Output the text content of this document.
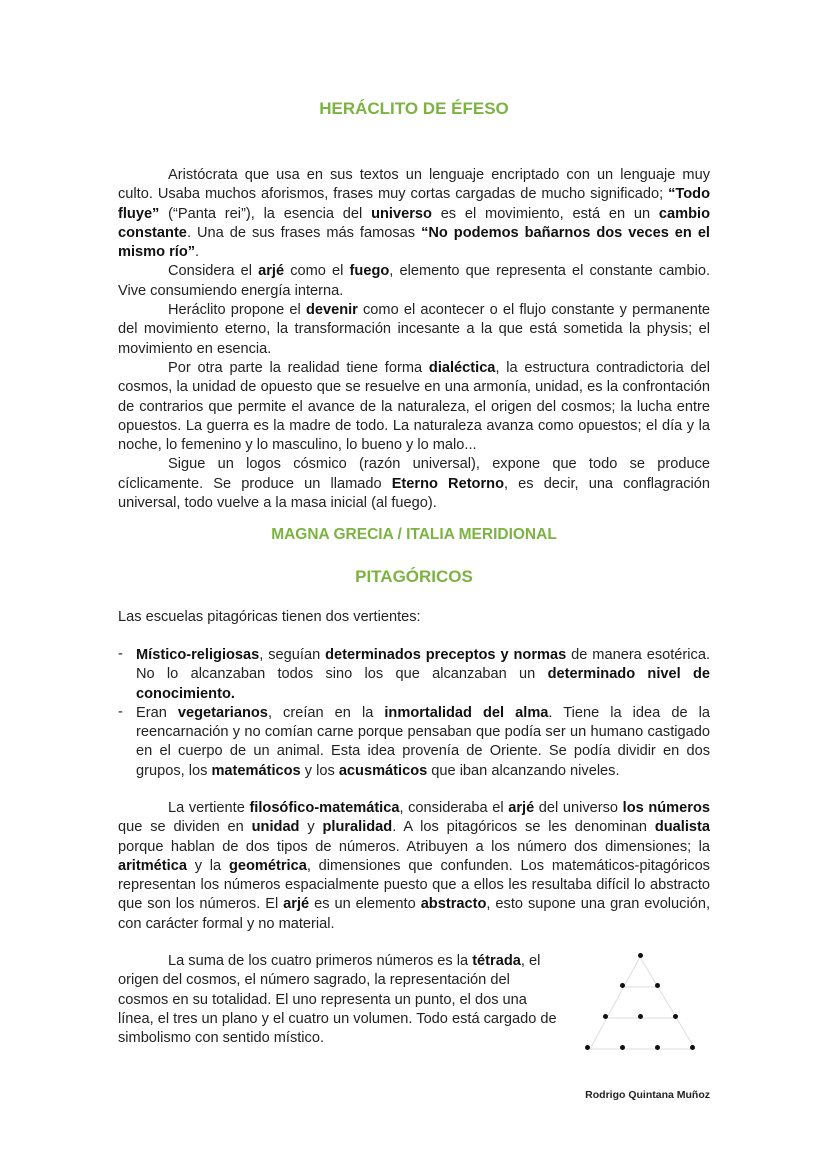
HERÁCLITO DE ÉFESO

Aristócrata que usa en sus textos un lenguaje encriptado con un lenguaje muy culto. Usaba muchos aforismos, frases muy cortas cargadas de mucho significado; “Todo fluye” (“Panta rei”), la esencia del universo es el movimiento, está en un cambio constante. Una de sus frases más famosas “No podemos bañarnos dos veces en el mismo río”.

Considera el arjé como el fuego, elemento que representa el constante cambio. Vive consumiendo energía interna.

Heráclito propone el devenir como el acontecer o el flujo constante y permanente del movimiento eterno, la transformación incesante a la que está sometida la physis; el movimiento en esencia.

Por otra parte la realidad tiene forma dialéctica, la estructura contradictoria del cosmos, la unidad de opuesto que se resuelve en una armonía, unidad, es la confrontación de contrarios que permite el avance de la naturaleza, el origen del cosmos; la lucha entre opuestos. La guerra es la madre de todo. La naturaleza avanza como opuestos; el día y la noche, lo femenino y lo masculino, lo bueno y lo malo...

Sigue un logos cósmico (razón universal), expone que todo se produce cíclicamente. Se produce un llamado Eterno Retorno, es decir, una conflagración universal, todo vuelve a la masa inicial (al fuego).

MAGNA GRECIA / ITALIA MERIDIONAL
PITAGÓRICOS

Las escuelas pitagóricas tienen dos vertientes:

- Místico-religiosas, seguían determinados preceptos y normas de manera esotérica. No lo alcanzaban todos sino los que alcanzaban un determinado nivel de conocimiento.
- Eran vegetarianos, creían en la inmortalidad del alma. Tiene la idea de la reencarnación y no comían carne porque pensaban que podía ser un humano castigado en el cuerpo de un animal. Esta idea provenía de Oriente. Se podía dividir en dos grupos, los matemáticos y los acusmáticos que iban alcanzando niveles.

La vertiente filosófico-matemática, consideraba el arjé del universo los números que se dividen en unidad y pluralidad. A los pitagóricos se les denominan dualista porque hablan de dos tipos de números. Atribuyen a los número dos dimensiones; la aritmética y la geométrica, dimensiones que confunden. Los matemáticos-pitagóricos representan los números espacialmente puesto que a ellos les resultaba difícil lo abstracto que son los números. El arjé es un elemento abstracto, esto supone una gran evolución, con carácter formal y no material.

La suma de los cuatro primeros números es la tétrada, el origen del cosmos, el número sagrado, la representación del cosmos en su totalidad. El uno representa un punto, el dos una línea, el tres un plano y el cuatro un volumen. Todo está cargado de simbolismo con sentido místico.

Rodrigo Quintana Muñoz
